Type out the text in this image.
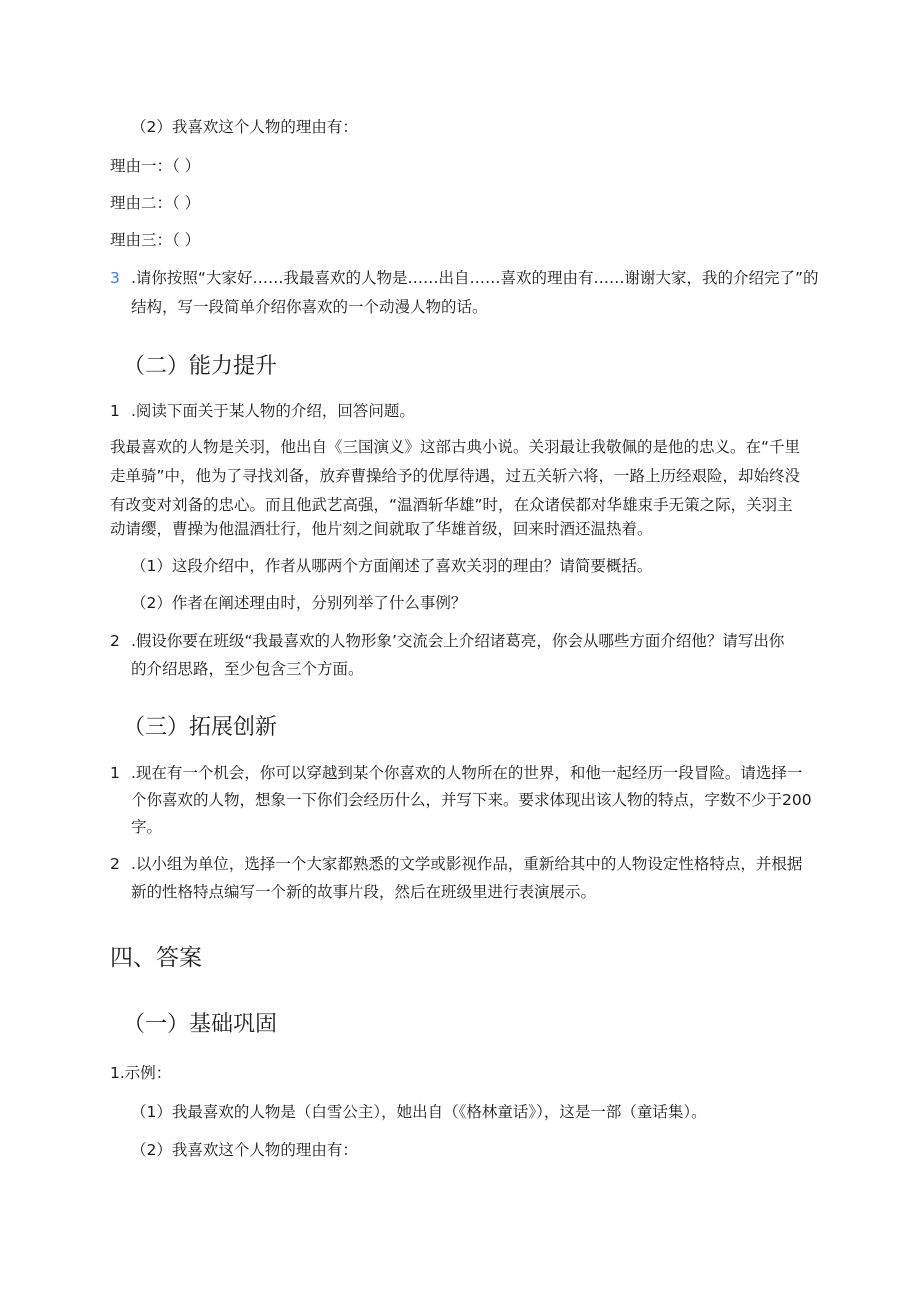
（2）我喜欢这个人物的理由有：

理由一：（ ）

理由二：（ ）

理由三：（ ）

3 .请你按照“大家好……我最喜欢的人物是……出自……喜欢的理由有……谢谢大家，我的介绍完了”的

结构，写一段简单介绍你喜欢的一个动漫人物的话。

（二）能力提升
1 .阅读下面关于某人物的介绍，回答问题。

我最喜欢的人物是关羽，他出自《三国演义》这部古典小说。关羽最让我敬佩的是他的忠义。在“千里

走单骑”中，他为了寻找刘备，放弃曹操给予的优厚待遇，过五关斩六将，一路上历经艰险，却始终没

有改变对刘备的忠心。而且他武艺高强，“温酒斩华雄”时，在众诸侯都对华雄束手无策之际，关羽主

动请缨，曹操为他温酒壮行，他片刻之间就取了华雄首级，回来时酒还温热着。

（1）这段介绍中，作者从哪两个方面阐述了喜欢关羽的理由？请简要概括。

（2）作者在阐述理由时，分别列举了什么事例？

2 .假设你要在班级“我最喜欢的人物形象’交流会上介绍诸葛亮，你会从哪些方面介绍他？请写出你

的介绍思路，至少包含三个方面。

（三）拓展创新
1 .现在有一个机会，你可以穿越到某个你喜欢的人物所在的世界，和他一起经历一段冒险。请选择一

个你喜欢的人物，想象一下你们会经历什么，并写下来。要求体现出该人物的特点，字数不少于200

字。

2 .以小组为单位，选择一个大家都熟悉的文学或影视作品，重新给其中的人物设定性格特点，并根据

新的性格特点编写一个新的故事片段，然后在班级里进行表演展示。

四、答案
（一）基础巩固

1.示例：

（1）我最喜欢的人物是（白雪公主），她出自（《格林童话》），这是一部（童话集）。

（2）我喜欢这个人物的理由有：
